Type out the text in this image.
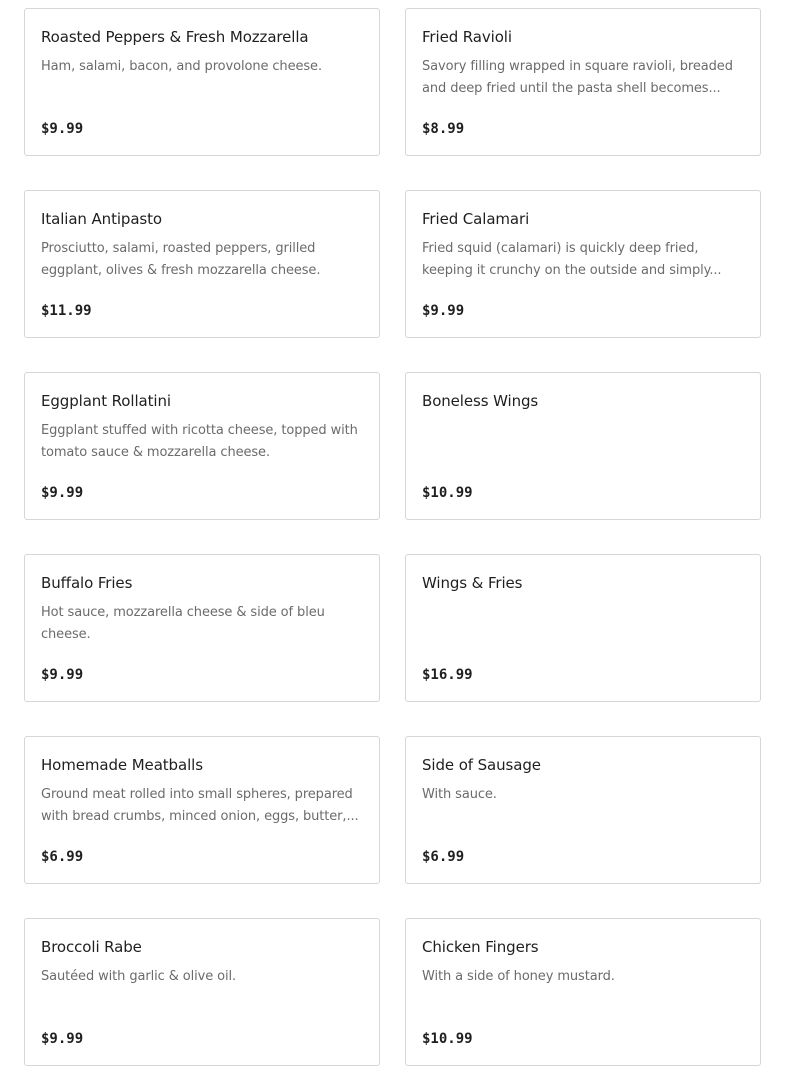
Roasted Peppers & Fresh Mozzarella
Ham, salami, bacon, and provolone cheese.
$9.99
Fried Ravioli
Savory filling wrapped in square ravioli, breaded and deep fried until the pasta shell becomes...
$8.99
Italian Antipasto
Prosciutto, salami, roasted peppers, grilled eggplant, olives & fresh mozzarella cheese.
$11.99
Fried Calamari
Fried squid (calamari) is quickly deep fried, keeping it crunchy on the outside and simply...
$9.99
Eggplant Rollatini
Eggplant stuffed with ricotta cheese, topped with tomato sauce & mozzarella cheese.
$9.99
Boneless Wings
$10.99
Buffalo Fries
Hot sauce, mozzarella cheese & side of bleu cheese.
$9.99
Wings & Fries
$16.99
Homemade Meatballs
Ground meat rolled into small spheres, prepared with bread crumbs, minced onion, eggs, butter,...
$6.99
Side of Sausage
With sauce.
$6.99
Broccoli Rabe
Sautéed with garlic & olive oil.
$9.99
Chicken Fingers
With a side of honey mustard.
$10.99
